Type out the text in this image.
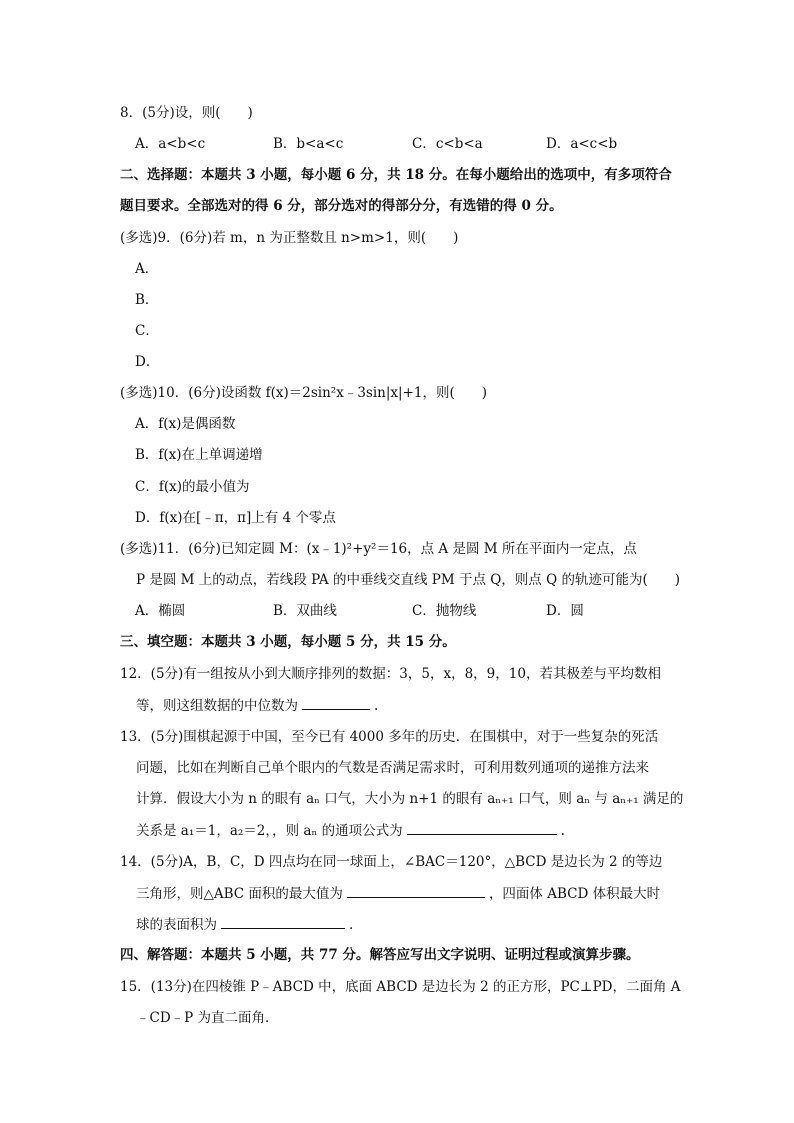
8．(5分)设，则(　　)
A．a<b<c	B．b<a<c	C．c<b<a	D．a<c<b
二、选择题：本题共 3 小题，每小题 6 分，共 18 分。在每小题给出的选项中，有多项符合
题目要求。全部选对的得 6 分，部分选对的得部分分，有选错的得 0 分。
(多选)9．(6分)若 m，n 为正整数且 n>m>1，则(　　)
A．
B．
C．
D．
(多选)10．(6分)设函数 f(x)＝2sin²x﹣3sin|x|+1，则(　　)
A．f(x)是偶函数
B．f(x)在上单调递增
C．f(x)的最小值为
D．f(x)在[﹣π，π]上有 4 个零点
(多选)11．(6分)已知定圆 M：(x﹣1)²+y²＝16，点 A 是圆 M 所在平面内一定点，点
P 是圆 M 上的动点，若线段 PA 的中垂线交直线 PM 于点 Q，则点 Q 的轨迹可能为(　　)
A．椭圆	B．双曲线	C．抛物线	D．圆
三、填空题：本题共 3 小题，每小题 5 分，共 15 分。
12．(5分)有一组按从小到大顺序排列的数据：3，5，x，8，9，10，若其极差与平均数相
等，则这组数据的中位数为	.
13．(5分)围棋起源于中国，至今已有 4000 多年的历史．在围棋中，对于一些复杂的死活
问题，比如在判断自己单个眼内的气数是否满足需求时，可利用数列通项的递推方法来
计算．假设大小为 n 的眼有 aₙ 口气，大小为 n+1 的眼有 aₙ₊₁ 口气，则 aₙ 与 aₙ₊₁ 满足的
关系是 a₁＝1，a₂＝2，，则 aₙ 的通项公式为	.
14．(5分)A，B，C，D 四点均在同一球面上，∠BAC＝120°，△BCD 是边长为 2 的等边
三角形，则△ABC 面积的最大值为	，四面体 ABCD 体积最大时
球的表面积为	.
四、解答题：本题共 5 小题，共 77 分。解答应写出文字说明、证明过程或演算步骤。
15．(13分)在四棱锥 P﹣ABCD 中，底面 ABCD 是边长为 2 的正方形，PC⊥PD，二面角 A
﹣CD﹣P 为直二面角．
